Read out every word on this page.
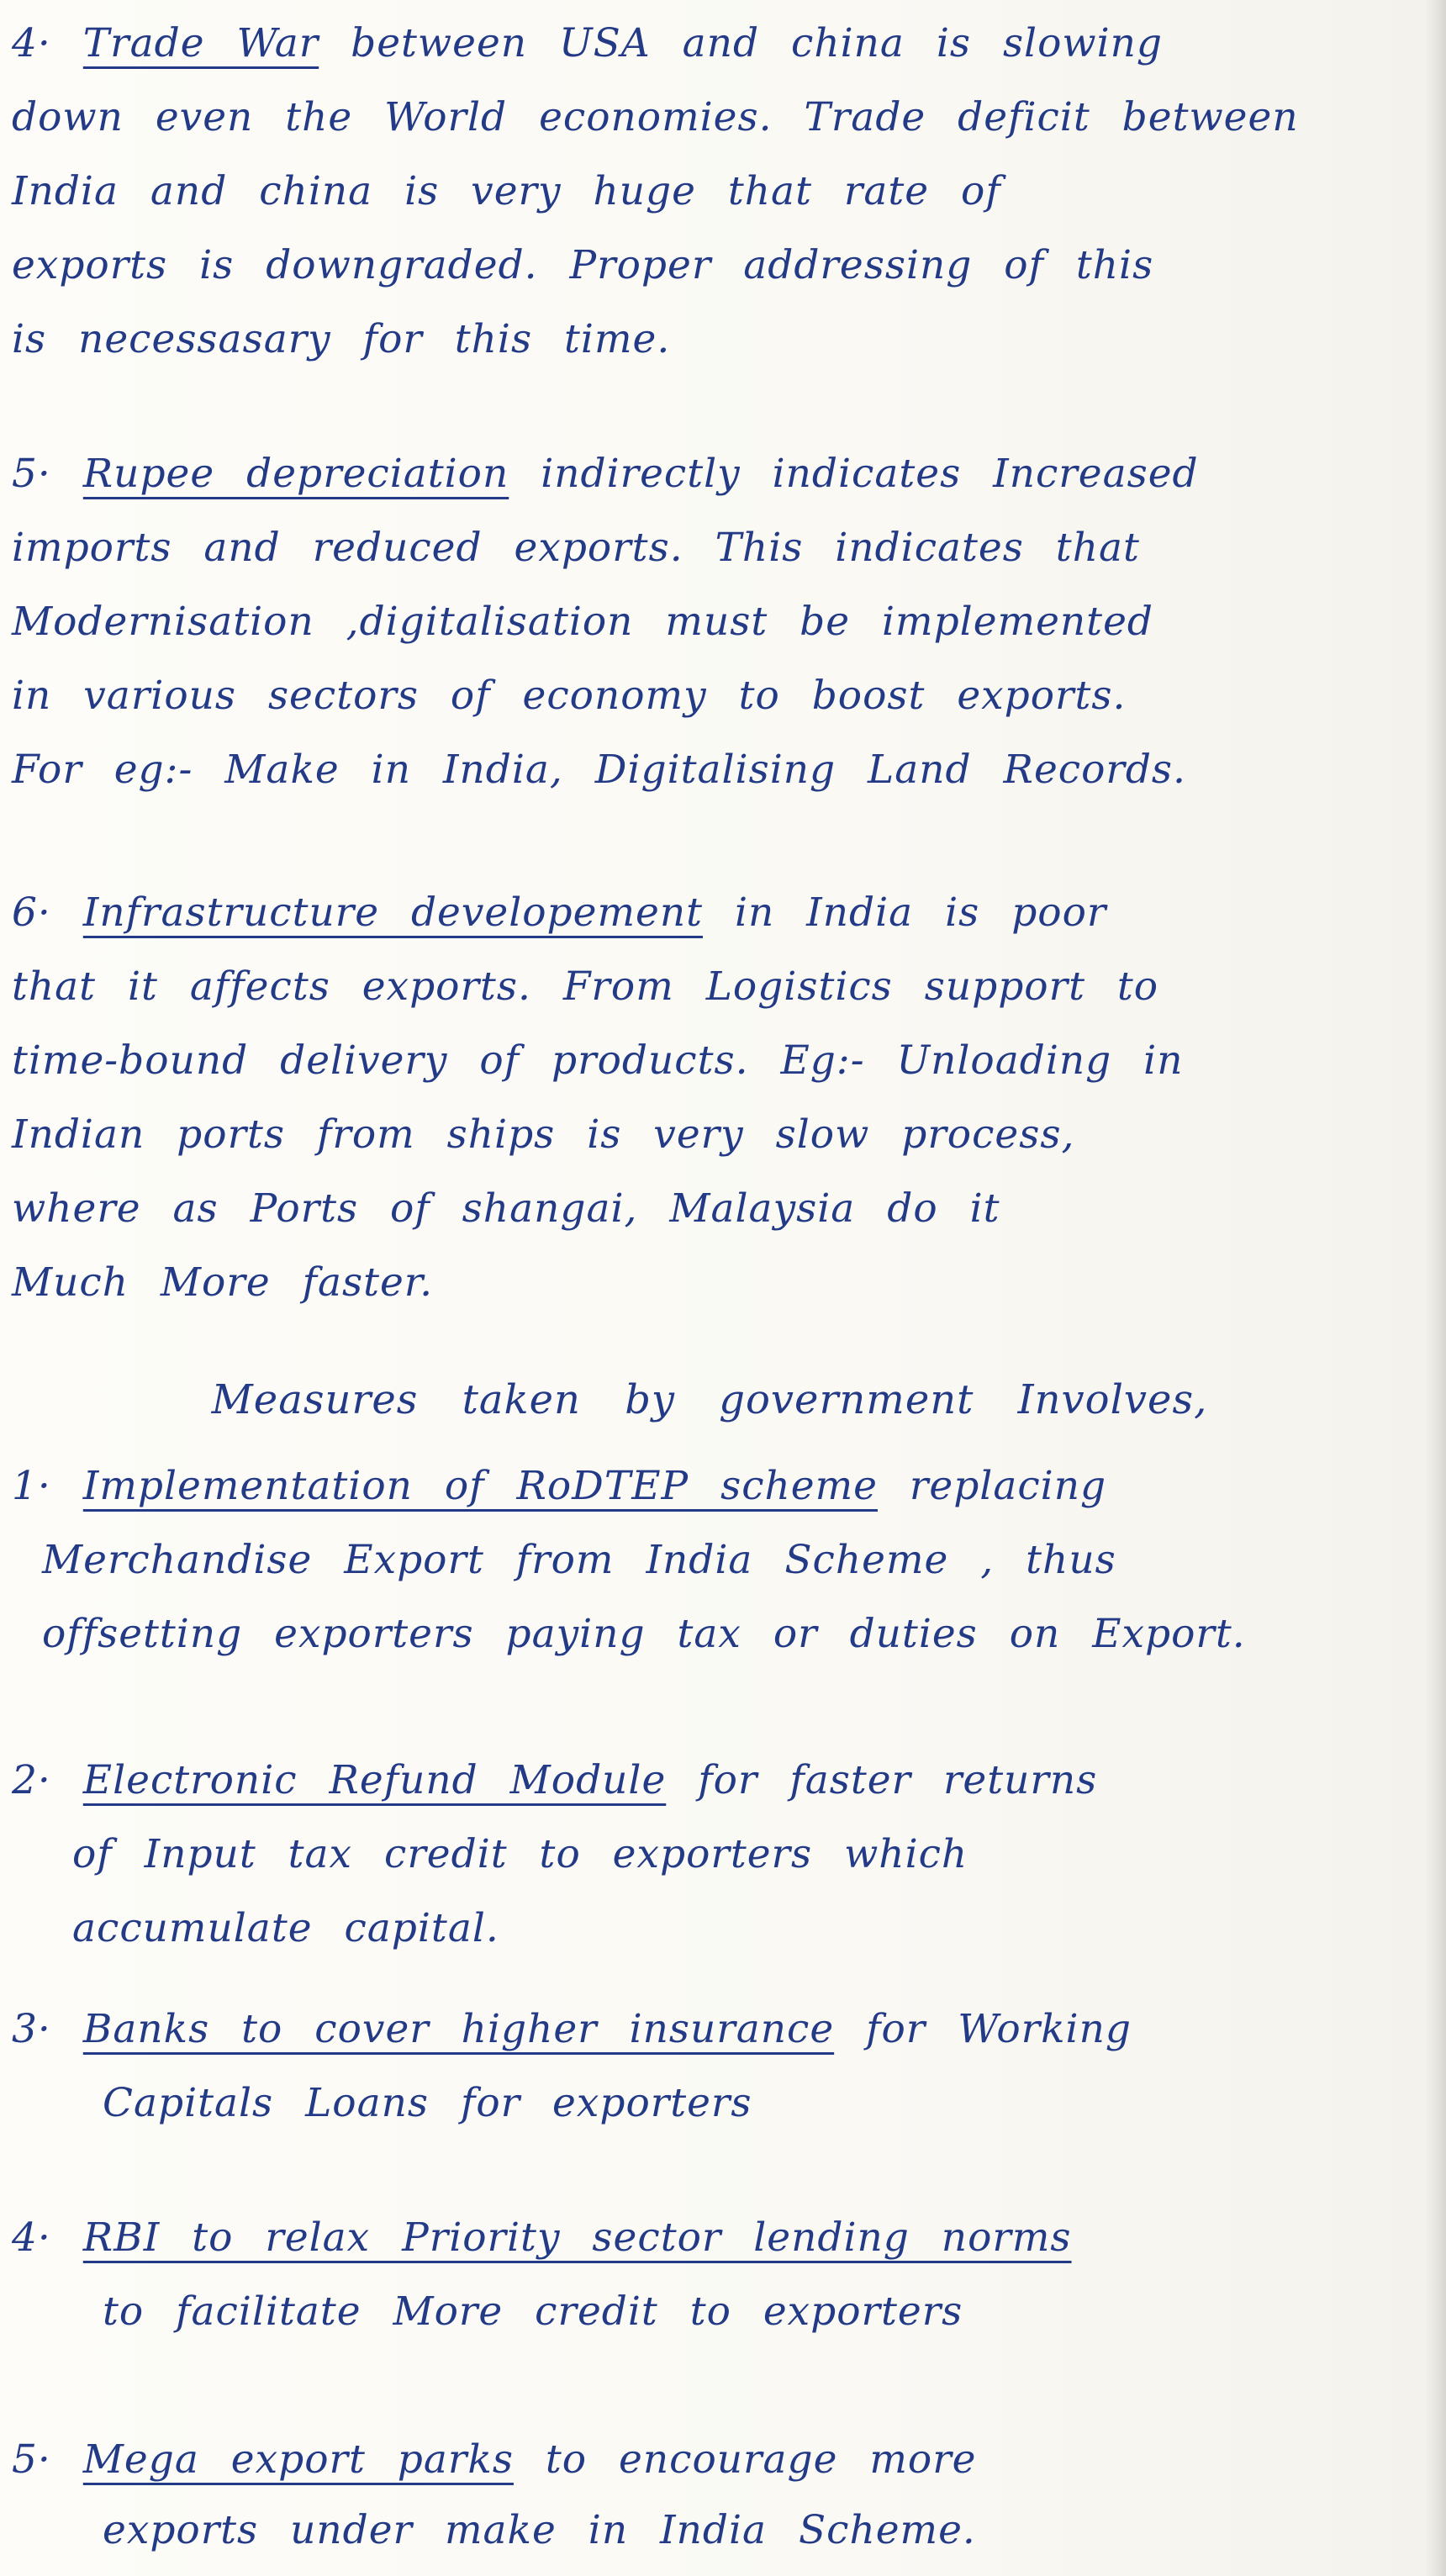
4· Trade War between USA and china is slowing
down even the World economies. Trade deficit between
India and china is very huge that rate of
exports is downgraded. Proper addressing of this
is necessasary for this time.
5· Rupee depreciation indirectly indicates Increased
imports and reduced exports. This indicates that
Modernisation ,digitalisation must be implemented
in various sectors of economy to boost exports.
For eg:- Make in India, Digitalising Land Records.
6· Infrastructure developement in India is poor
that it affects exports. From Logistics support to
time-bound delivery of products. Eg:- Unloading in
Indian ports from ships is very slow process,
where as Ports of shangai, Malaysia do it
Much More faster.
Measures taken by government Involves,
1· Implementation of RoDTEP scheme replacing
Merchandise Export from India Scheme , thus
offsetting exporters paying tax or duties on Export.
2· Electronic Refund Module for faster returns
of Input tax credit to exporters which
accumulate capital.
3· Banks to cover higher insurance for Working
Capitals Loans for exporters
4· RBI to relax Priority sector lending norms
to facilitate More credit to exporters
5· Mega export parks to encourage more
exports under make in India Scheme.
